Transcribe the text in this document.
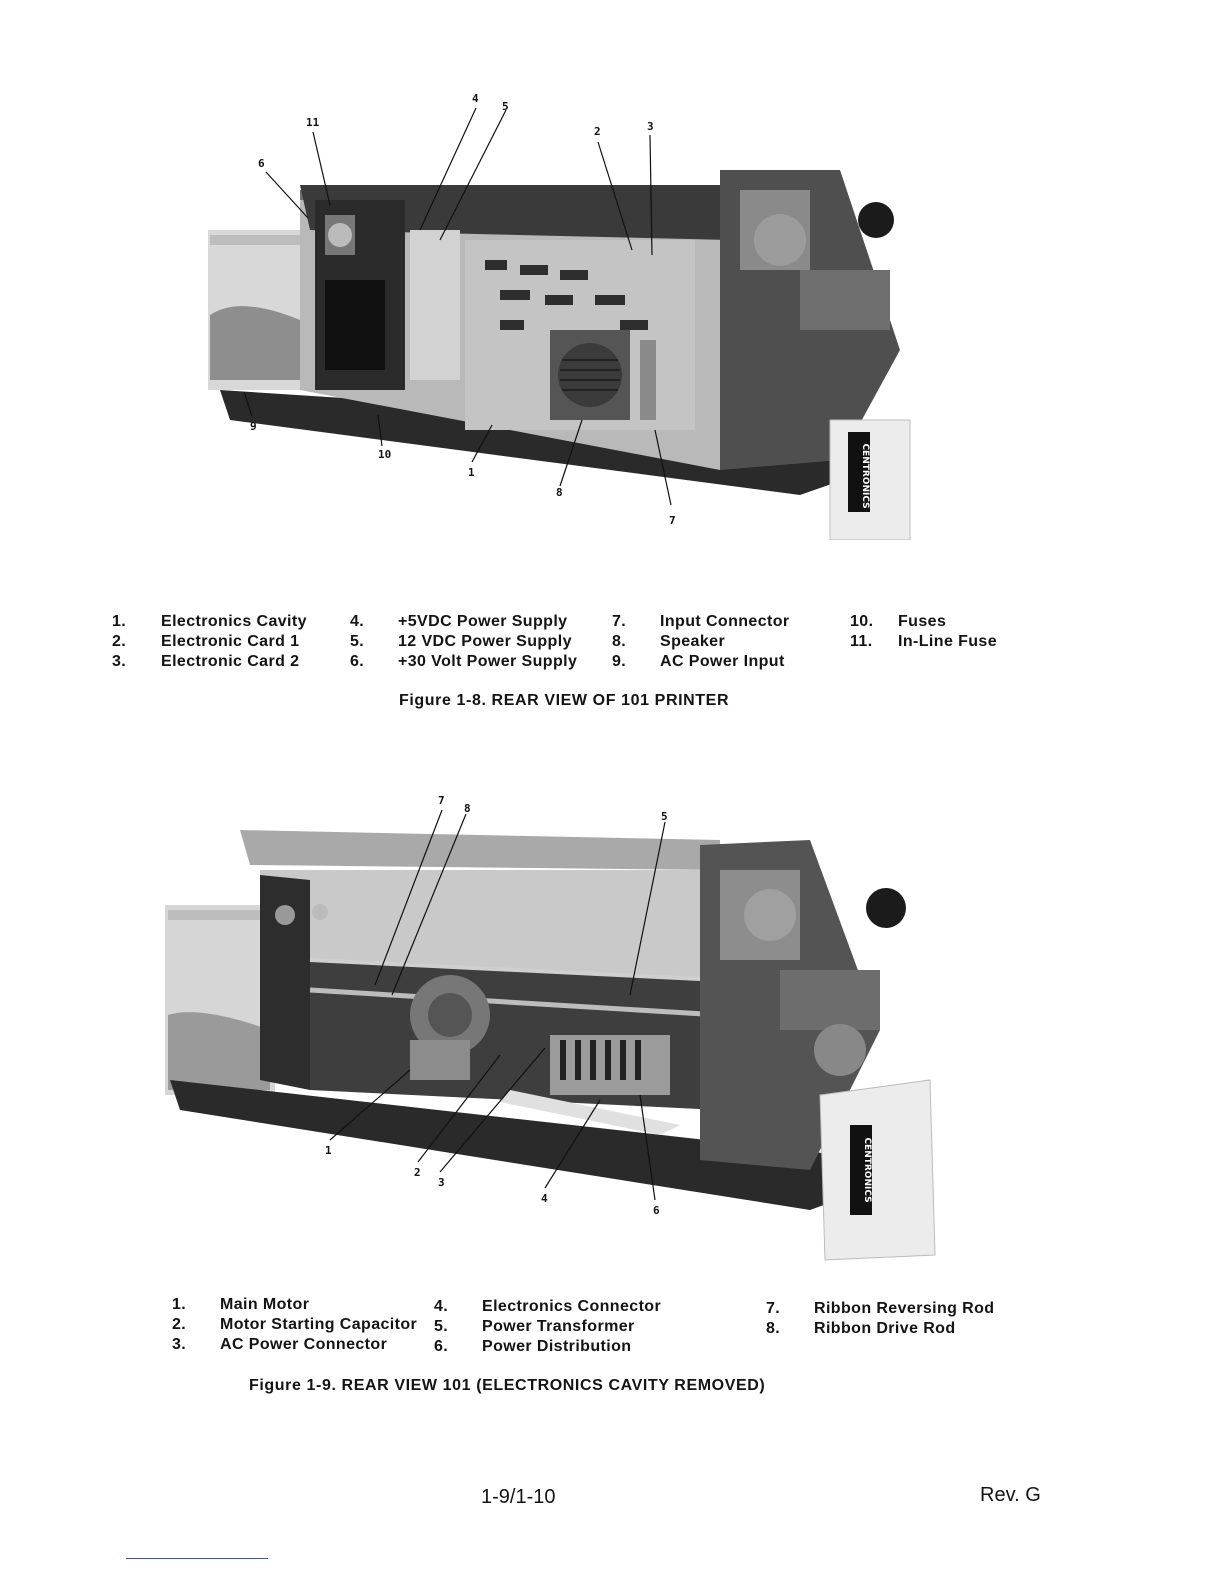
CENTRONICS
4
5
2	3
11
6
7
8
1
10
9
1. Electronics Cavity
2. Electronic Card 1
3. Electronic Card 2
4. +5VDC Power Supply
5. 12 VDC Power Supply
6. +30 Volt Power Supply
7. Input Connector
8. Speaker
9. AC Power Input
10. Fuses
11. In-Line Fuse
Figure 1-8. REAR VIEW OF 101 PRINTER
CENTRONICS
7
8
5
1
2
3
4
6
1. Main Motor
2. Motor Starting Capacitor
3. AC Power Connector
4. Electronics Connector
5. Power Transformer
6. Power Distribution
7. Ribbon Reversing Rod
8. Ribbon Drive Rod
Figure 1-9. REAR VIEW 101 (ELECTRONICS CAVITY REMOVED)
1-9/1-10	Rev. G
